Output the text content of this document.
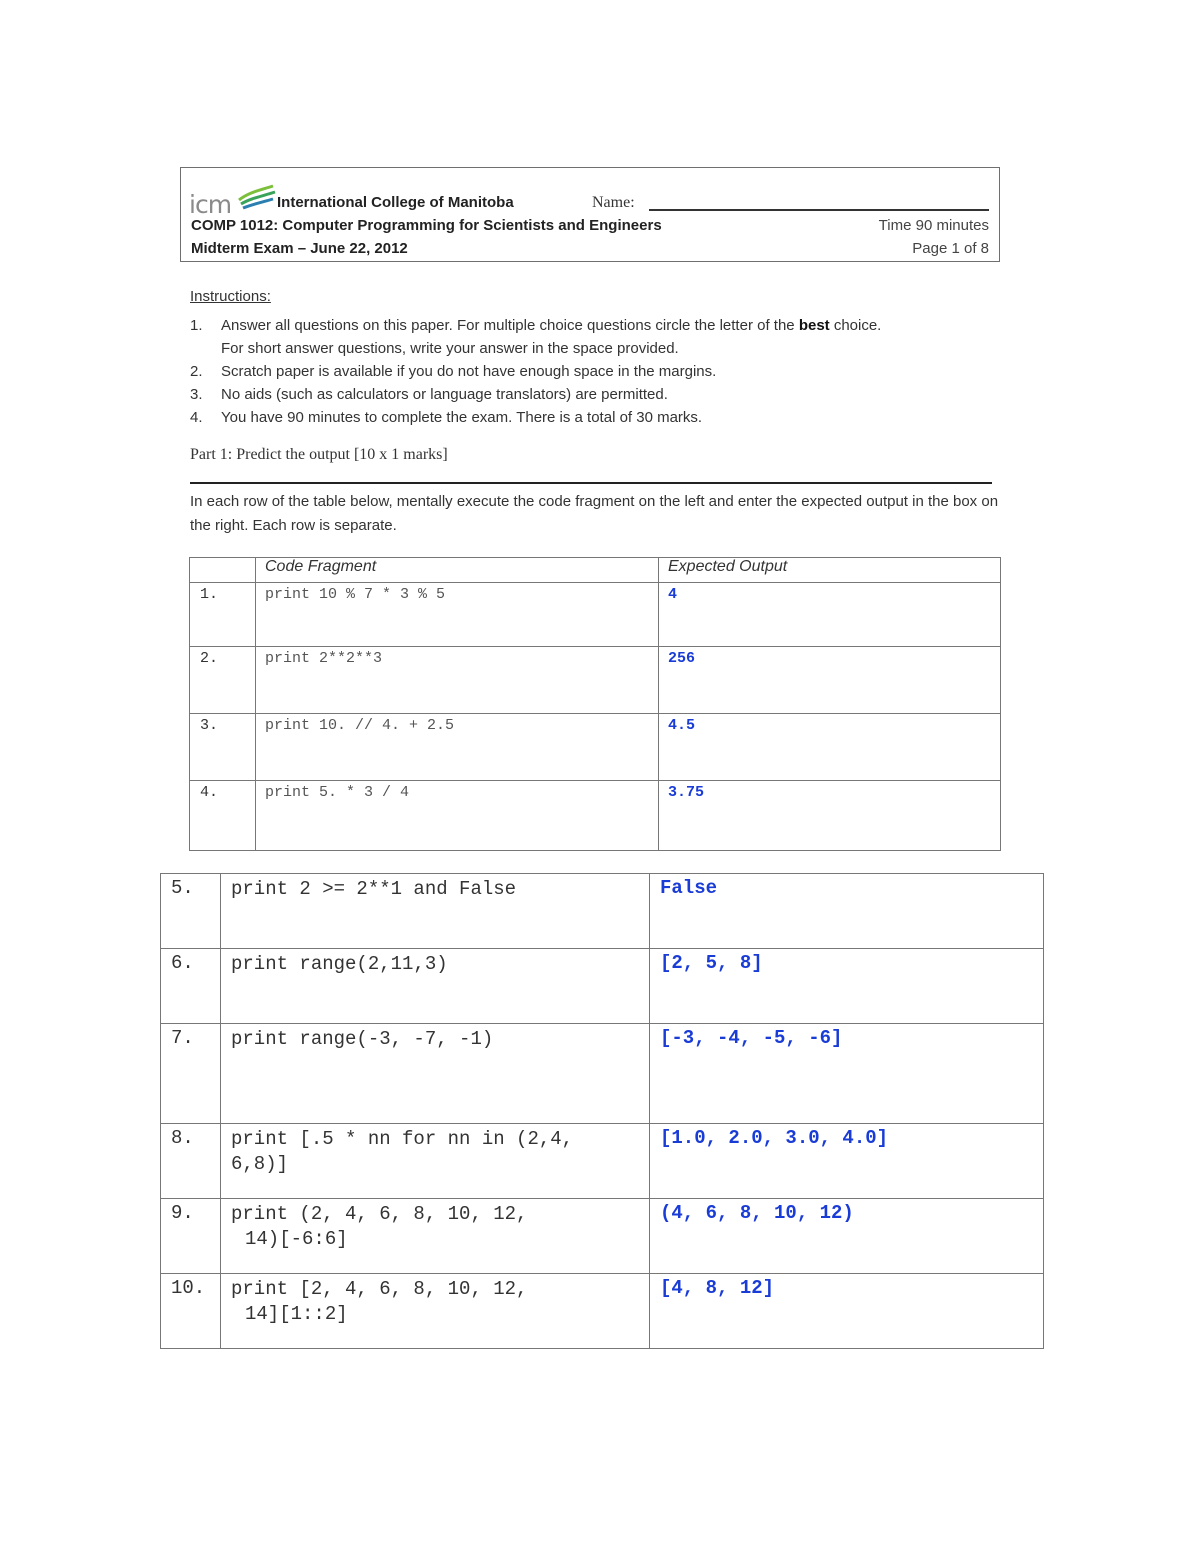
icm	International College of Manitoba	Name:
COMP 1012: Computer Programming for Scientists and Engineers
Midterm Exam – June 22, 2012
Time 90 minutes
Page 1 of 8
Instructions:
1. Answer all questions on this paper. For multiple choice questions circle the letter of the best choice.
For short answer questions, write your answer in the space provided.
2. Scratch paper is available if you do not have enough space in the margins.
3. No aids (such as calculators or language translators) are permitted.
4. You have 90 minutes to complete the exam. There is a total of 30 marks.
Part 1: Predict the output [10 x 1 marks]
In each row of the table below, mentally execute the code fragment on the left and enter the expected output in the box on the right. Each row is separate.
	Code Fragment	Expected Output
1.	print 10 % 7 * 3 % 5	4
2.	print 2**2**3	256
3.	print 10. // 4. + 2.5	4.5
4.	print 5. * 3 / 4	3.75
5.	print 2 >= 2**1 and False	False
6.	print range(2,11,3)	[2, 5, 8]
7.	print range(-3, -7, -1)	[-3, -4, -5, -6]
8.	print [.5 * nn for nn in (2,4,
6,8)]	[1.0, 2.0, 3.0, 4.0]
9.	print (2, 4, 6, 8, 10, 12,
14)[-6:6]	(4, 6, 8, 10, 12)
10.	print [2, 4, 6, 8, 10, 12,
14][1::2]	[4, 8, 12]
